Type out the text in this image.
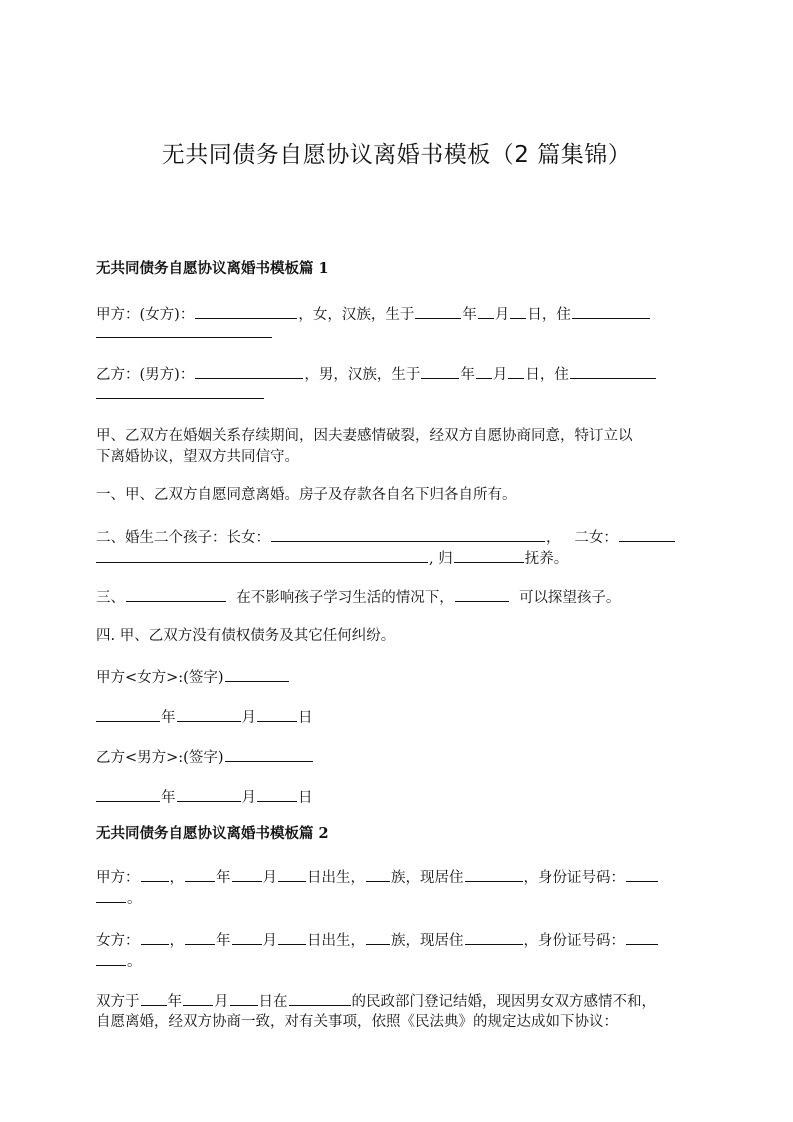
无共同债务自愿协议离婚书模板（2 篇集锦）
无共同债务自愿协议离婚书模板篇 1
甲方：(女方)：	，女，汉族，生于	年 月 日，住
乙方：(男方)：	，男，汉族，生于	年 月 日，住
甲、乙双方在婚姻关系存续期间，因夫妻感情破裂，经双方自愿协商同意，特订立以
下离婚协议，望双方共同信守。
一、甲、乙双方自愿同意离婚。房子及存款各自名下归各自所有。
二、婚生二个孩子：长女：	，   二女：
, 归	抚养。
三、	在不影响孩子学习生活的情况下，	可以探望孩子。
四. 甲、乙双方没有债权债务及其它任何纠纷。
甲方<女方>:(签字)
年	月	日
乙方<男方>:(签字)
年	月	日
无共同债务自愿协议离婚书模板篇 2
甲方： ， 年 月 日出生， 族，现居住	，身份证号码：
。
女方： ， 年 月 日出生， 族，现居住	，身份证号码：
。
双方于 年 月 日在	的民政部门登记结婚，现因男女双方感情不和，
自愿离婚，经双方协商一致，对有关事项，依照《民法典》的规定达成如下协议：
